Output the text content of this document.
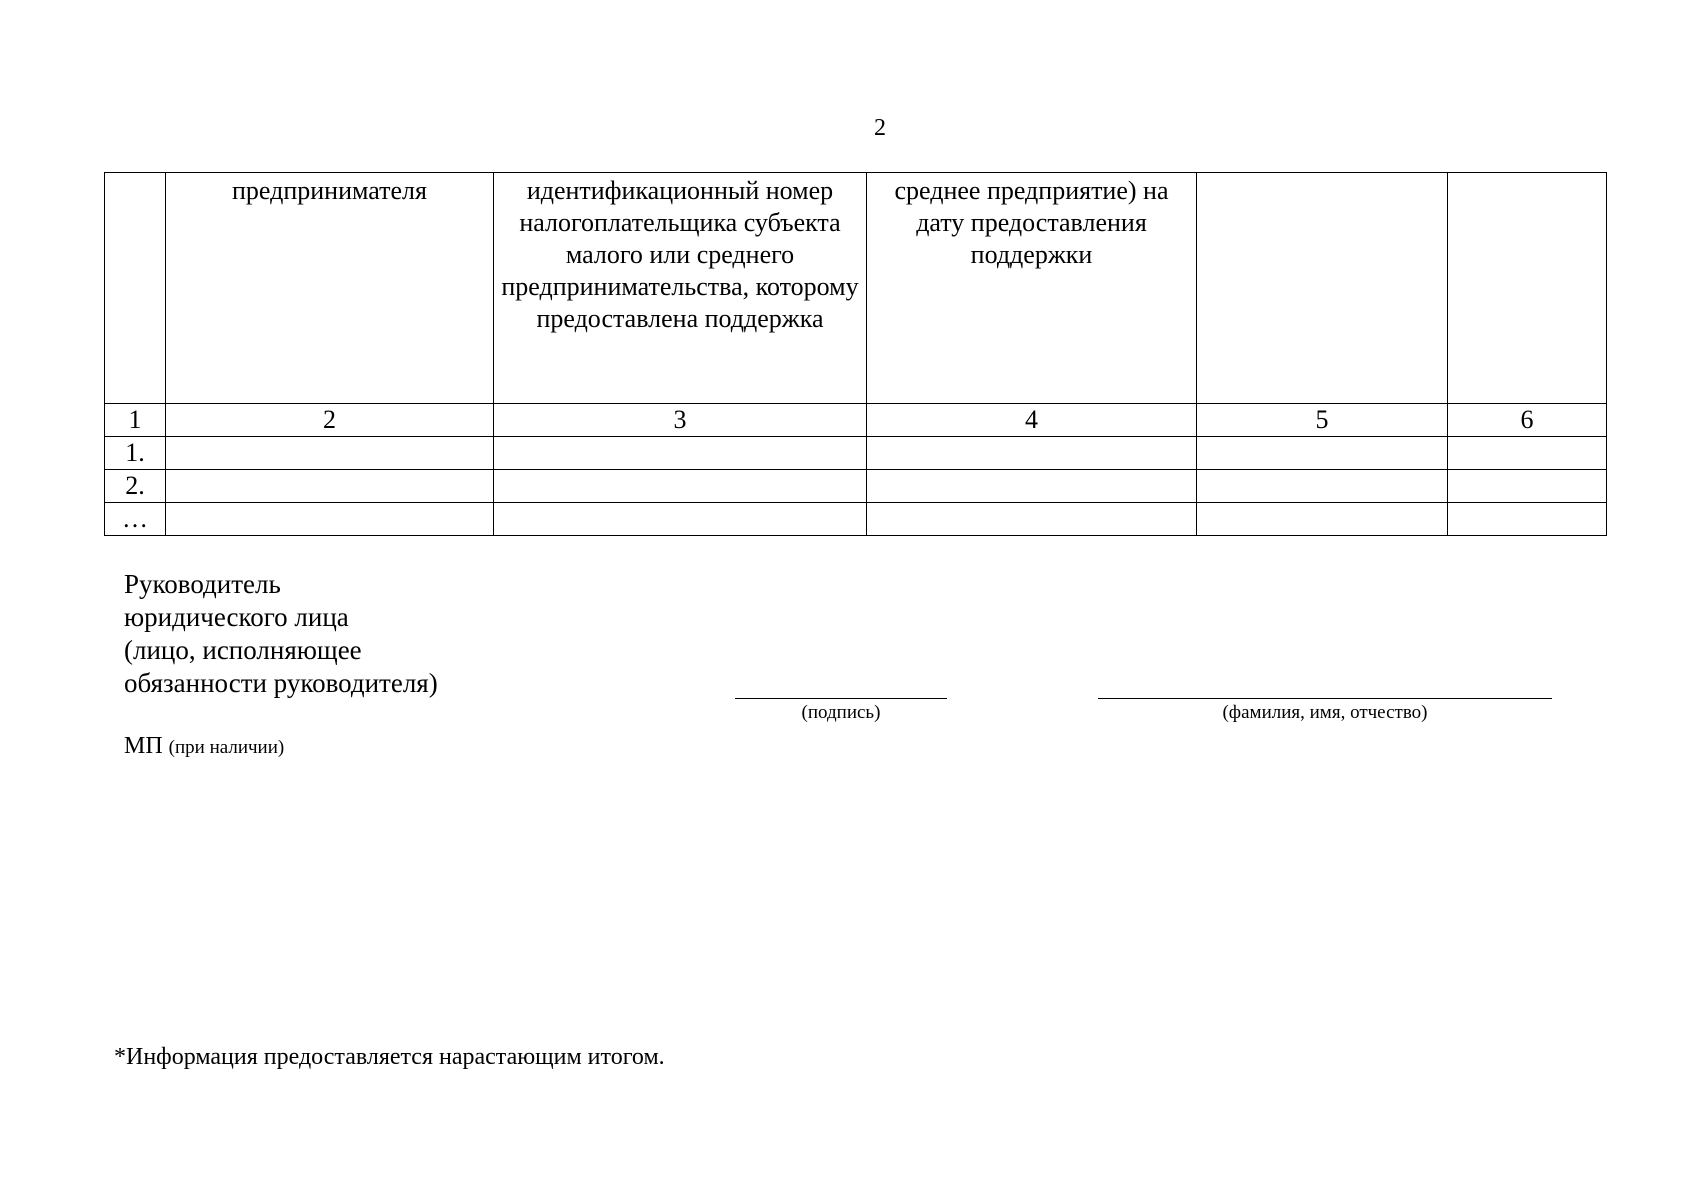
2
	предпринимателя	идентификационный номер налогоплательщика субъекта малого или среднего предпринимательства, которому предоставлена поддержка	среднее предприятие) на дату предоставления поддержки		
1	2	3	4	5	6
1.					
2.					
…					
Руководитель
юридического лица
(лицо, исполняющее
обязанности руководителя)
(подпись)	(фамилия, имя, отчество)
МП (при наличии)
*Информация предоставляется нарастающим итогом.
